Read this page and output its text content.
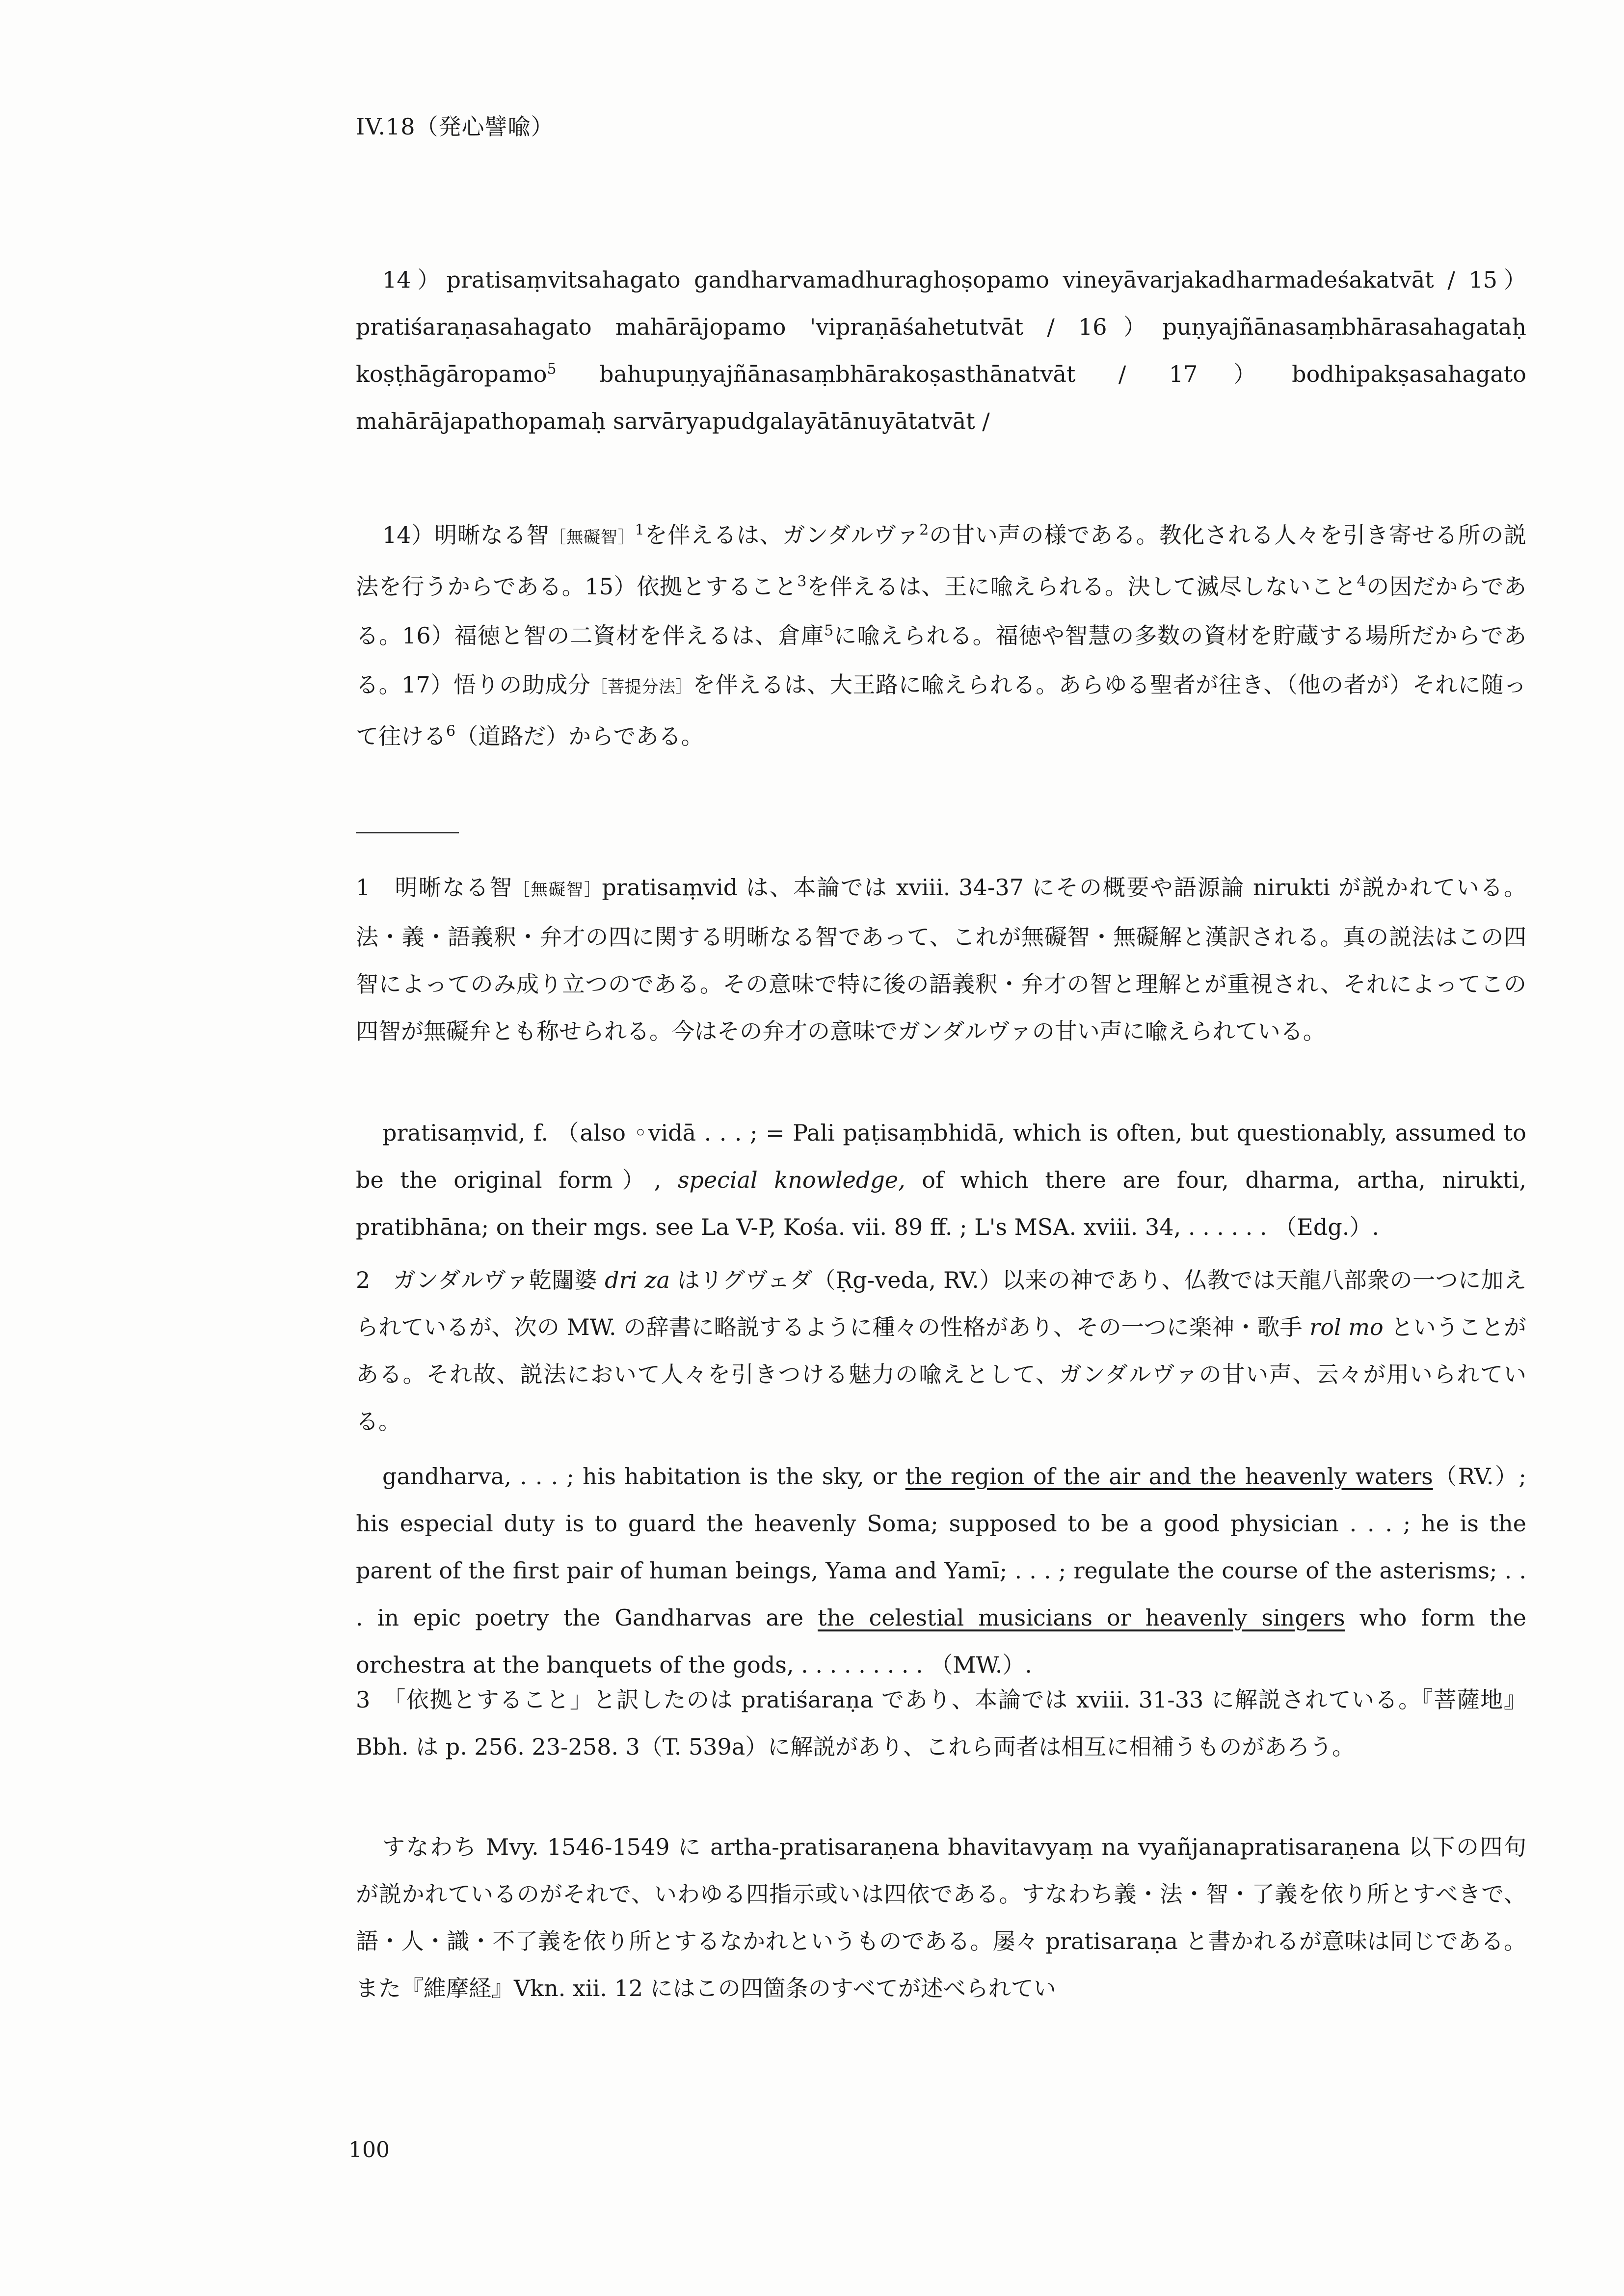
IV.18（発心譬喩）
14）pratisaṃvitsahagato gandharvamadhuraghoṣopamo vineyāvarjakadharmadeśakatvāt / 15）pratiśaraṇasahagato mahārājopamo 'vipraṇāśahetutvāt / 16）puṇyajñānasaṃbhārasahagataḥ koṣṭhāgāropamo$^5$ bahupuṇyajñānasaṃbhārakoṣasthānatvāt / 17）bodhipakṣasahagato mahārājapathopamaḥ sarvāryapudgalayātānuyātatvāt /
14）明晰なる智［無礙智］$^1$を伴えるは、ガンダルヴァ$^2$の甘い声の様である。教化される人々を引き寄せる所の説法を行うからである。15）依拠とすること$^3$を伴えるは、王に喩えられる。決して滅尽しないこと$^4$の因だからである。16）福徳と智の二資材を伴えるは、倉庫$^5$に喩えられる。福徳や智慧の多数の資材を貯蔵する場所だからである。17）悟りの助成分［菩提分法］を伴えるは、大王路に喩えられる。あらゆる聖者が往き、（他の者が）それに随って往ける$^6$（道路だ）からである。
1　明晰なる智［無礙智］pratisaṃvid は、本論では xviii. 34-37 にその概要や語源論 nirukti が説かれている。法・義・語義釈・弁才の四に関する明晰なる智であって、これが無礙智・無礙解と漢訳される。真の説法はこの四智によってのみ成り立つのである。その意味で特に後の語義釈・弁才の智と理解とが重視され、それによってこの四智が無礙弁とも称せられる。今はその弁才の意味でガンダルヴァの甘い声に喩えられている。
pratisaṃvid, f. （also ◦vidā . . . ; = Pali paṭisaṃbhidā, which is often, but questionably, assumed to be the original form）, special knowledge, of which there are four, dharma, artha, nirukti, pratibhāna; on their mgs. see La V-P, Kośa. vii. 89 ff. ; L's MSA. xviii. 34, . . . . . . （Edg.）.
2　ガンダルヴァ乾闥婆 dri za はリグヴェダ（Ṛg-veda, RV.）以来の神であり、仏教では天龍八部衆の一つに加えられているが、次の MW. の辞書に略説するように種々の性格があり、その一つに楽神・歌手 rol mo ということがある。それ故、説法において人々を引きつける魅力の喩えとして、ガンダルヴァの甘い声、云々が用いられている。
gandharva, . . . ; his habitation is the sky, or the region of the air and the heavenly waters（RV.）; his especial duty is to guard the heavenly Soma; supposed to be a good physician . . . ; he is the parent of the first pair of human beings, Yama and Yamī; . . . ; regulate the course of the asterisms; . . . in epic poetry the Gandharvas are the celestial musicians or heavenly singers who form the orchestra at the banquets of the gods, . . . . . . . . . （MW.）.
3　「依拠とすること」と訳したのは pratiśaraṇa であり、本論では xviii. 31-33 に解説されている。『菩薩地』Bbh. は p. 256. 23-258. 3（T. 539a）に解説があり、これら両者は相互に相補うものがあろう。
すなわち Mvy. 1546-1549 に artha-pratisaraṇena bhavitavyaṃ na vyañjanapratisaraṇena 以下の四句が説かれているのがそれで、いわゆる四指示或いは四依である。すなわち義・法・智・了義を依り所とすべきで、語・人・識・不了義を依り所とするなかれというものである。屡々 pratisaraṇa と書かれるが意味は同じである。また『維摩経』Vkn. xii. 12 にはこの四箇条のすべてが述べられてい
100
